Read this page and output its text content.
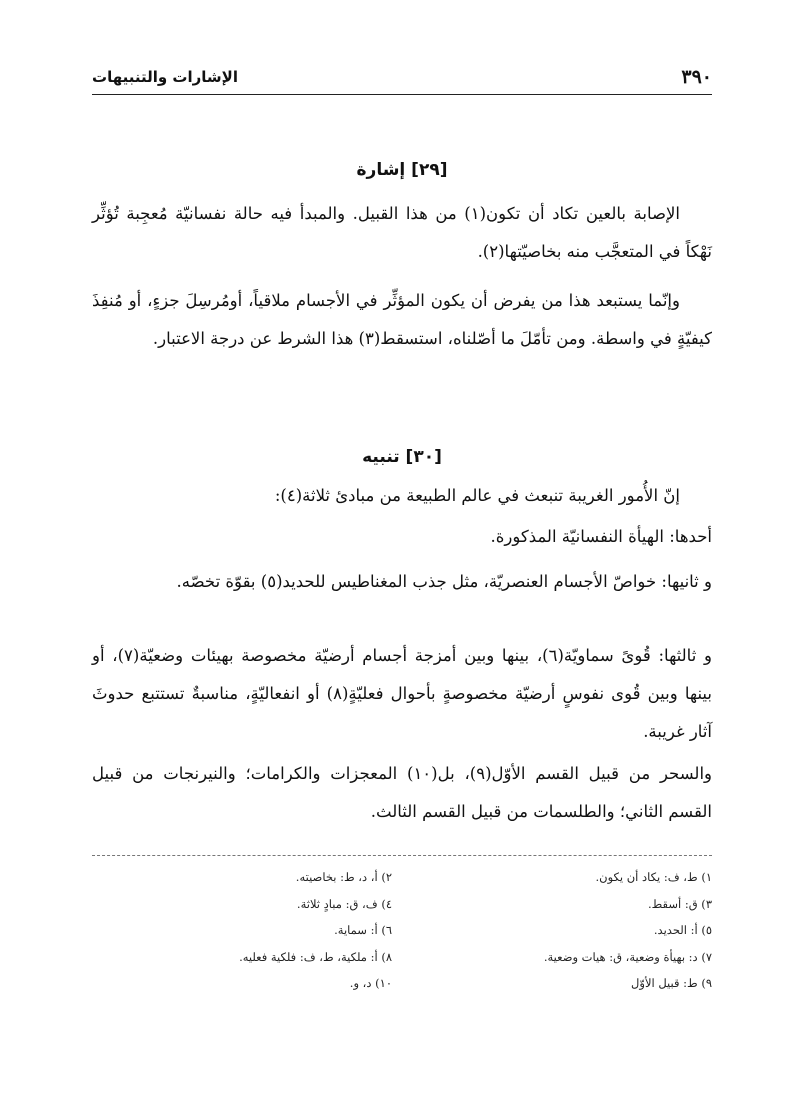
٣٩٠
الإشارات والتنبيهات
[٢٩] إشارة

الإصابة بالعين تكاد أن تكون(١) من هذا القبيل. والمبدأ فيه حالة نفسانيّة مُعجِبة تُؤثِّر نَهْكاً في المتعجَّب منه بخاصيّتها(٢).

وإنّما يستبعد هذا من يفرض أن يكون المؤثِّر في الأجسام ملاقياً، أومُرسِلَ جزءٍ، أو مُنفِذَ كيفيّةٍ في واسطة. ومن تأمّلَ ما أصّلناه، استسقط(٣) هذا الشرط عن درجة الاعتبار.

[٣٠] تنبيه

إنّ الأُمور الغريبة تنبعث في عالم الطبيعة من مبادئ ثلاثة(٤):

أحدها: الهيأة النفسانيّة المذكورة.

و ثانيها: خواصّ الأجسام العنصريّة، مثل جذب المغناطيس للحديد(٥) بقوّة تخصّه.

و ثالثها: قُوىً سماويّة(٦)، بينها وبين أمزجة أجسام أرضيّة مخصوصة بهيئات وضعيّة(٧)، أو بينها وبين قُوى نفوسٍ أرضيّة مخصوصةٍ بأحوال فعليّةٍ(٨) أو انفعاليّةٍ، مناسبةٌ تستتبع حدوثَ آثار غريبة.

والسحر من قبيل القسم الأوّل(٩)، بل(١٠) المعجزات والكرامات؛ والنيرنجات من قبيل القسم الثاني؛ والطلسمات من قبيل القسم الثالث.

١) ط، ف: يكاد أن يكون.
٢) أ، د، ط: بخاصيته.
٣) ق: أسقط.
٤) ف، ق: مبادٍ ثلاثة.
٥) أ: الحديد.
٦) أ: سماية.
٧) د: بهيأة وضعية، ق: هيات وضعية.
٨) أ: ملكية، ط، ف: فلكية فعليه.
٩) ط: قبيل الأوّل
١٠) د، و.
